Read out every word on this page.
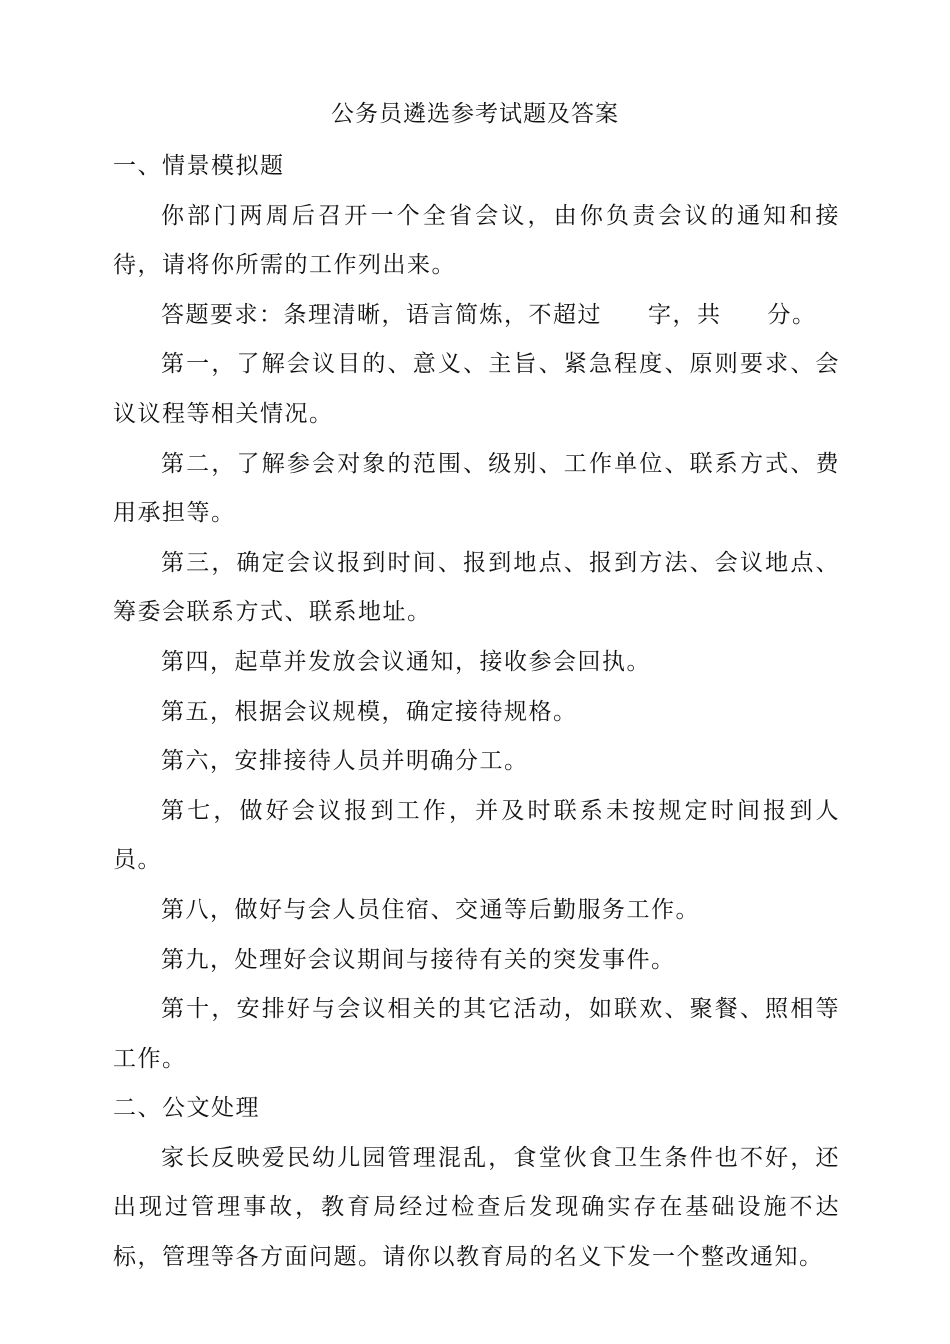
公务员遴选参考试题及答案

一、情景模拟题

你部门两周后召开一个全省会议，由你负责会议的通知和接待，请将你所需的工作列出来。

答题要求：条理清晰，语言简炼，不超过 字，共 分。

第一，了解会议目的、意义、主旨、紧急程度、原则要求、会议议程等相关情况。

第二，了解参会对象的范围、级别、工作单位、联系方式、费用承担等。

第三，确定会议报到时间、报到地点、报到方法、会议地点、筹委会联系方式、联系地址。

第四，起草并发放会议通知，接收参会回执。

第五，根据会议规模，确定接待规格。

第六，安排接待人员并明确分工。

第七，做好会议报到工作，并及时联系未按规定时间报到人员。

第八，做好与会人员住宿、交通等后勤服务工作。

第九，处理好会议期间与接待有关的突发事件。

第十，安排好与会议相关的其它活动，如联欢、聚餐、照相等工作。

二、公文处理

家长反映爱民幼儿园管理混乱，食堂伙食卫生条件也不好，还出现过管理事故，教育局经过检查后发现确实存在基础设施不达标，管理等各方面问题。请你以教育局的名义下发一个整改通知。
